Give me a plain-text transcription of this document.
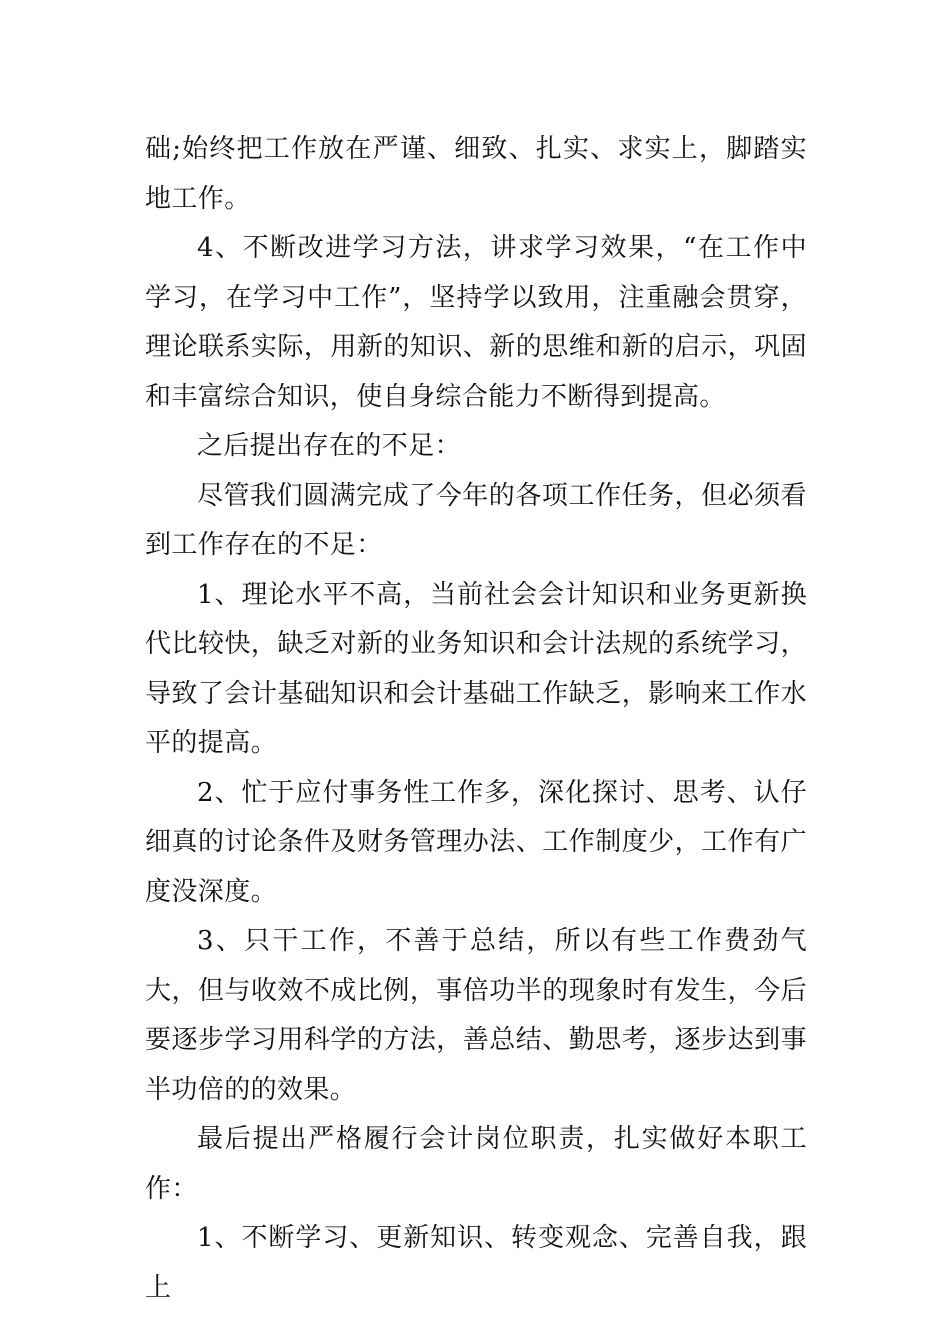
础;始终把工作放在严谨、细致、扎实、求实上，脚踏实地工作。

4、不断改进学习方法，讲求学习效果，“在工作中学习，在学习中工作”，坚持学以致用，注重融会贯穿，理论联系实际，用新的知识、新的思维和新的启示，巩固和丰富综合知识，使自身综合能力不断得到提高。

之后提出存在的不足：

尽管我们圆满完成了今年的各项工作任务，但必须看到工作存在的不足：

1、理论水平不高，当前社会会计知识和业务更新换代比较快，缺乏对新的业务知识和会计法规的系统学习，导致了会计基础知识和会计基础工作缺乏，影响来工作水平的提高。

2、忙于应付事务性工作多，深化探讨、思考、认仔细真的讨论条件及财务管理办法、工作制度少，工作有广度没深度。

3、只干工作，不善于总结，所以有些工作费劲气大，但与收效不成比例，事倍功半的现象时有发生，今后要逐步学习用科学的方法，善总结、勤思考，逐步达到事半功倍的的效果。

最后提出严格履行会计岗位职责，扎实做好本职工作：

1、不断学习、更新知识、转变观念、完善自我，跟上
